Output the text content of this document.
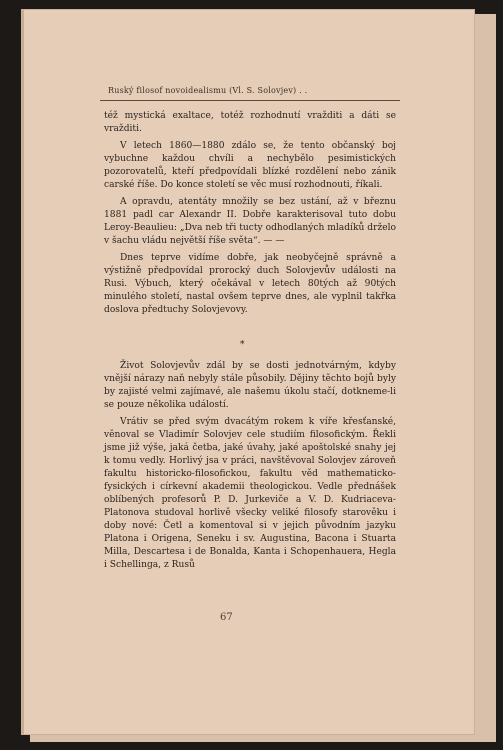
Ruský filosof novoidealismu (Vl. S. Solovjev) . .

též mystická exaltace, totéž rozhodnutí vražditi a dáti se vražditi.

V letech 1860—1880 zdálo se, že tento občanský boj vybuchne každou chvíli a nechybělo pesimistických pozorovatelů, kteří předpovídali blízké rozdělení nebo zánik carské říše. Do konce století se věc musí rozhodnouti, říkali.

A opravdu, atentáty množily se bez ustání, až v březnu 1881 padl car Alexandr II. Dobře karakterisoval tuto dobu Leroy-Beaulieu: „Dva neb tři tucty odhodlaných mladíků drželo v šachu vládu největší říše světa“. — —

Dnes teprve vidíme dobře, jak neobyčejně správně a výstižně předpovídal prorocký duch Solovjevův události na Rusi. Výbuch, který očekával v letech 80tých až 90tých minulého století, nastal ovšem teprve dnes, ale vyplnil takřka doslova předtuchy Solovjevovy.

*

Život Solovjevův zdál by se dosti jednotvárným, kdyby vnější nárazy naň nebyly stále působily. Dějiny těchto bojů byly by zajisté velmi zajímavé, ale našemu úkolu stačí, dotkneme-li se pouze několika událostí.

Vrátiv se před svým dvacátým rokem k víře křesťanské, věnoval se Vladimír Solovjev cele studiím filosofickým. Řekli jsme již výše, jaká četba, jaké úvahy, jaké apoštolské snahy jej k tomu vedly. Horlivý jsa v práci, navštěvoval Solovjev zároveň fakultu historicko-filosofickou, fakultu věd mathematicko-fysických i církevní akademii theologickou. Vedle přednášek oblíbených profesorů P. D. Jurkeviče a V. D. Kudriaceva-Platonova studoval horlivě všecky veliké filosofy starověku i doby nové: Četl a komentoval si v jejich původním jazyku Platona i Origena, Seneku i sv. Augustina, Bacona i Stuarta Milla, Descartesa i de Bonalda, Kanta i Schopenhauera, Hegla i Schellinga, z Rusů

67
